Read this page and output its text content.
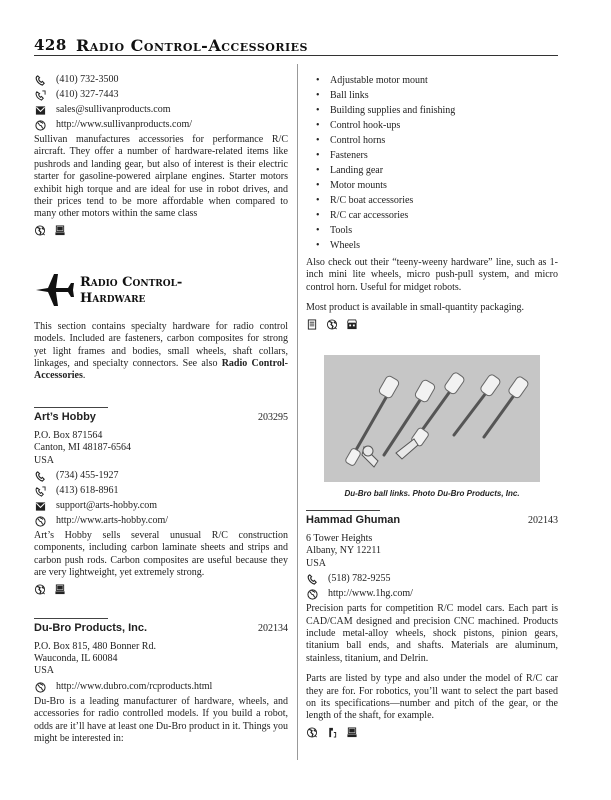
428 Radio Control-Accessories
(410) 732-3500
(410) 327-7443
sales@sullivanproducts.com
http://www.sullivanproducts.com/

Sullivan manufactures accessories for performance R/C aircraft. They offer a number of hardware-related items like pushrods and landing gear, but also of interest is their electric starter for gasoline-powered airplane engines. Starter motors exhibit high torque and are ideal for use in robot drives, and their prices tend to be more affordable when compared to many other motors within the same class

Radio Control-
Hardware

This section contains specialty hardware for radio control models. Included are fasteners, carbon composites for strong yet light frames and bodies, small wheels, shaft collars, linkages, and specialty connectors. See also Radio Control-Accessories.

Art’s Hobby	203295
P.O. Box 871564
Canton, MI 48187-6564
USA
(734) 455-1927
(413) 618-8961
support@arts-hobby.com
http://www.arts-hobby.com/

Art’s Hobby sells several unusual R/C construction components, including carbon laminate sheets and strips and carbon push rods. Carbon composites are useful because they are very lightweight, yet extremely strong.

Du-Bro Products, Inc.	202134
P.O. Box 815, 480 Bonner Rd.
Wauconda, IL 60084
USA
http://www.dubro.com/rcproducts.html

Du-Bro is a leading manufacturer of hardware, wheels, and accessories for radio controlled models. If you build a robot, odds are it’ll have at least one Du-Bro product in it. Things you might be interested in:

• Adjustable motor mount
• Ball links
• Building supplies and finishing
• Control hook-ups
• Control horns
• Fasteners
• Landing gear
• Motor mounts
• R/C boat accessories
• R/C car accessories
• Tools
• Wheels

Also check out their “teeny-weeny hardware” line, such as 1-inch mini lite wheels, micro push-pull system, and micro control horn. Useful for midget robots.

Most product is available in small-quantity packaging.

Du-Bro ball links. Photo Du-Bro Products, Inc.
Hammad Ghuman	202143
6 Tower Heights
Albany, NY 12211
USA
(518) 782-9255
http://www.1hg.com/

Precision parts for competition R/C model cars. Each part is CAD/CAM designed and precision CNC machined. Products include metal-alloy wheels, shock pistons, pinion gears, titanium ball ends, and shafts. Materials are aluminum, stainless, titanium, and Delrin.

Parts are listed by type and also under the model of R/C car they are for. For robotics, you’ll want to select the part based on its specifications—number and pitch of the gear, or the length of the shaft, for example.
